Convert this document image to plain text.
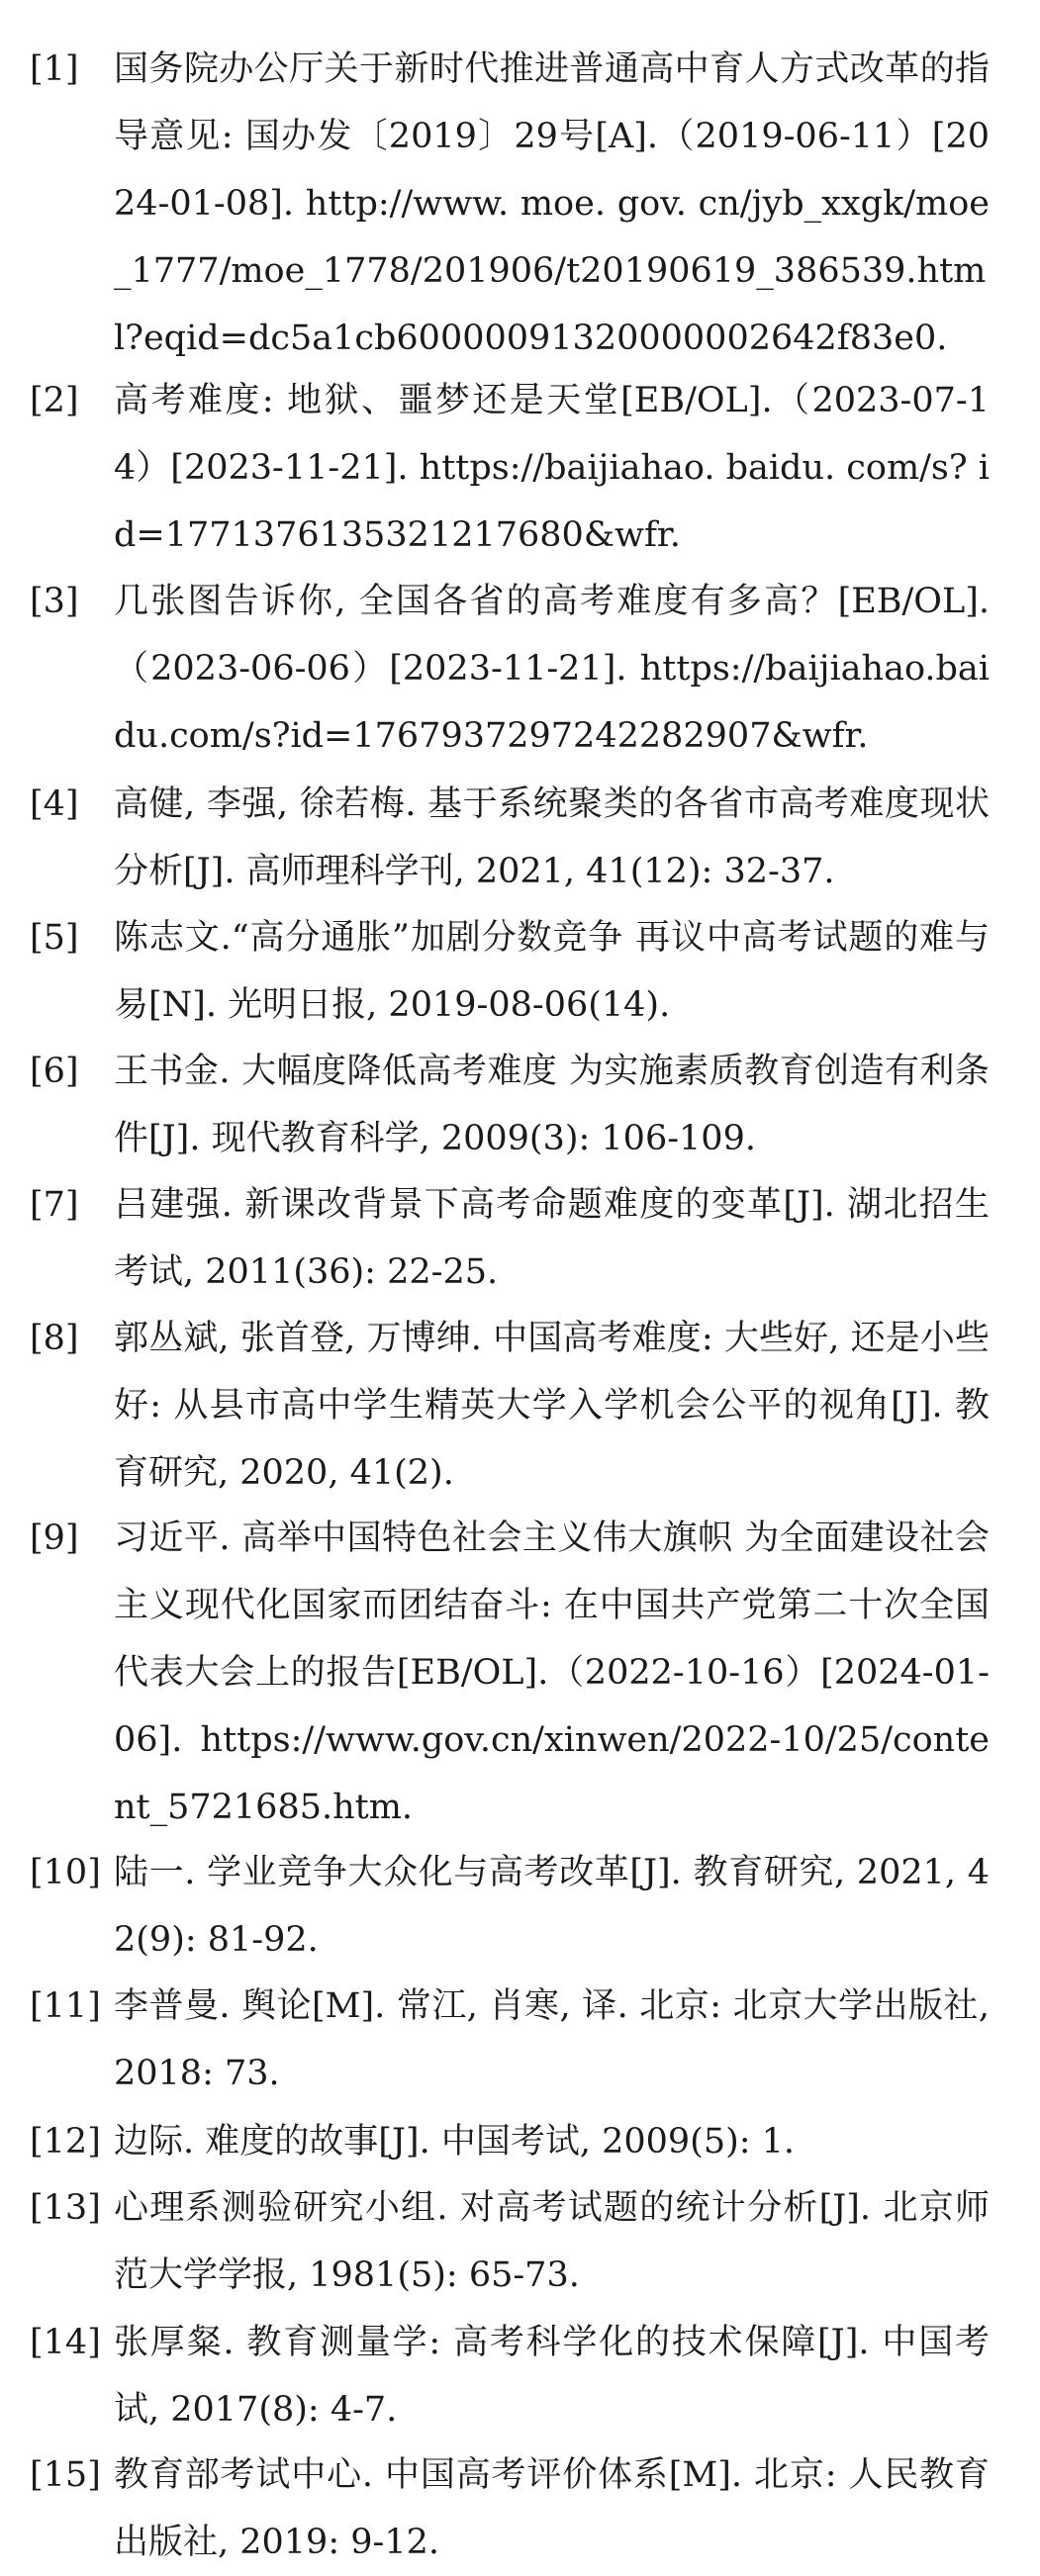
[1] 国务院办公厅关于新时代推进普通高中育人方式改革的指导意见: 国办发〔2019〕29号[A].（2019-06-11）[2024-01-08]. http://www. moe. gov. cn/jyb_xxgk/moe_1777/moe_1778/201906/t20190619_386539.html?eqid=dc5a1cb60000091320000002642f83e0.
[2] 高考难度: 地狱、噩梦还是天堂[EB/OL].（2023-07-14）[2023-11-21]. https://baijiahao. baidu. com/s? id=1771376135321217680&wfr.
[3] 几张图告诉你, 全国各省的高考难度有多高？[EB/OL].（2023-06-06）[2023-11-21]. https://baijiahao.baidu.com/s?id=1767937297242282907&wfr.
[4] 高健, 李强, 徐若梅. 基于系统聚类的各省市高考难度现状分析[J]. 高师理科学刊, 2021, 41(12): 32-37.
[5] 陈志文.“高分通胀”加剧分数竞争 再议中高考试题的难与易[N]. 光明日报, 2019-08-06(14).
[6] 王书金. 大幅度降低高考难度 为实施素质教育创造有利条件[J]. 现代教育科学, 2009(3): 106-109.
[7] 吕建强. 新课改背景下高考命题难度的变革[J]. 湖北招生考试, 2011(36): 22-25.
[8] 郭丛斌, 张首登, 万博绅. 中国高考难度: 大些好, 还是小些好: 从县市高中学生精英大学入学机会公平的视角[J]. 教育研究, 2020, 41(2).
[9] 习近平. 高举中国特色社会主义伟大旗帜 为全面建设社会主义现代化国家而团结奋斗: 在中国共产党第二十次全国代表大会上的报告[EB/OL].（2022-10-16）[2024-01-06]. https://www.gov.cn/xinwen/2022-10/25/content_5721685.htm.
[10] 陆一. 学业竞争大众化与高考改革[J]. 教育研究, 2021, 42(9): 81-92.
[11] 李普曼. 舆论[M]. 常江, 肖寒, 译. 北京: 北京大学出版社, 2018: 73.
[12] 边际. 难度的故事[J]. 中国考试, 2009(5): 1.
[13] 心理系测验研究小组. 对高考试题的统计分析[J]. 北京师范大学学报, 1981(5): 65-73.
[14] 张厚粲. 教育测量学: 高考科学化的技术保障[J]. 中国考试, 2017(8): 4-7.
[15] 教育部考试中心. 中国高考评价体系[M]. 北京: 人民教育出版社, 2019: 9-12.
